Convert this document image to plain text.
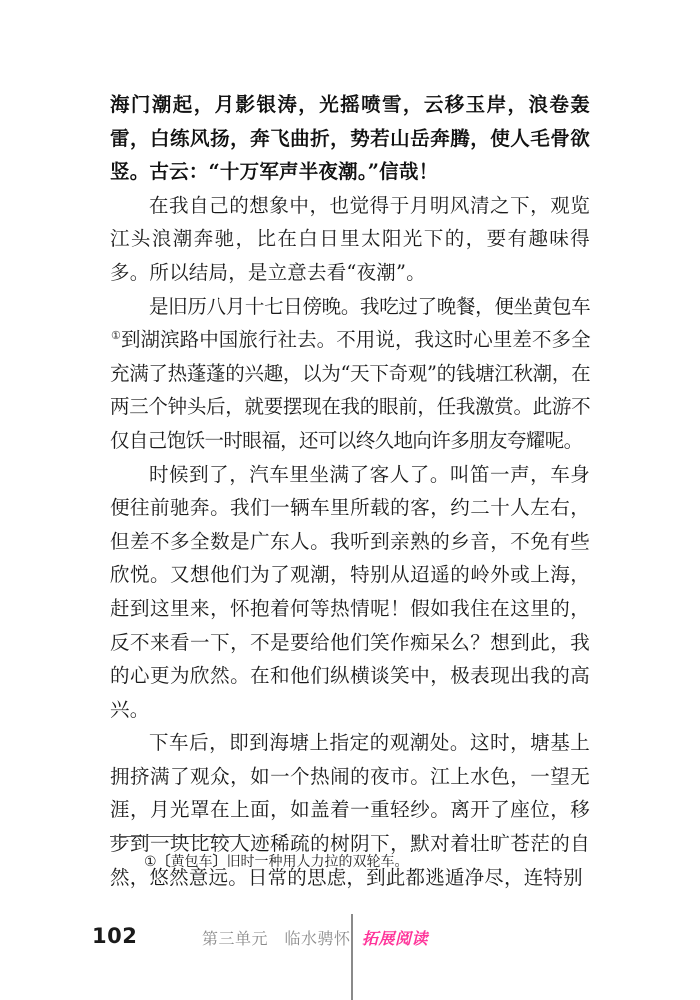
海门潮起，月影银涛，光摇喷雪，云移玉岸，浪卷轰雷，白练风扬，奔飞曲折，势若山岳奔腾，使人毛骨欲竖。古云：“十万军声半夜潮。”信哉！

在我自己的想象中，也觉得于月明风清之下，观览江头浪潮奔驰，比在白日里太阳光下的，要有趣味得多。所以结局，是立意去看“夜潮”。

是旧历八月十七日傍晚。我吃过了晚餐，便坐黄包车①到湖滨路中国旅行社去。不用说，我这时心里差不多全充满了热蓬蓬的兴趣，以为“天下奇观”的钱塘江秋潮，在两三个钟头后，就要摆现在我的眼前，任我激赏。此游不仅自己饱饫一时眼福，还可以终久地向许多朋友夸耀呢。

时候到了，汽车里坐满了客人了。叫笛一声，车身便往前驰奔。我们一辆车里所载的客，约二十人左右，但差不多全数是广东人。我听到亲熟的乡音，不免有些欣悦。又想他们为了观潮，特别从迢遥的岭外或上海，赶到这里来，怀抱着何等热情呢！假如我住在这里的，反不来看一下，不是要给他们笑作痴呆么？想到此，我的心更为欣然。在和他们纵横谈笑中，极表现出我的高兴。

下车后，即到海塘上指定的观潮处。这时，塘基上拥挤满了观众，如一个热闹的夜市。江上水色，一望无涯，月光罩在上面，如盖着一重轻纱。离开了座位，移步到一块比较人迹稀疏的树阴下，默对着壮旷苍茫的自然，悠然意远。日常的思虑，到此都逃遁净尽，连特别

①〔黄包车〕旧时一种用人力拉的双轮车。
102	第三单元　临水骋怀 拓展阅读
